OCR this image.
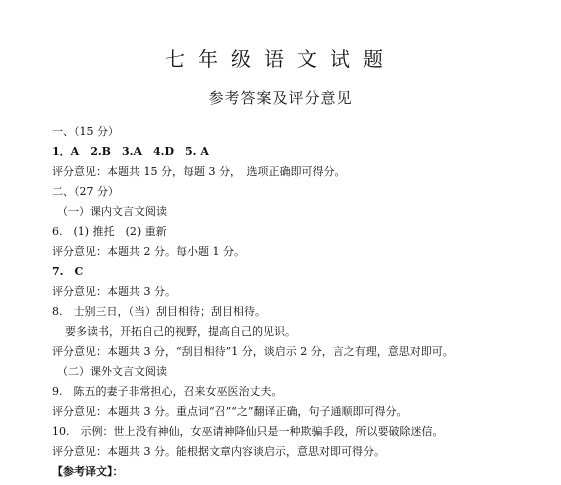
七年级语文试题
参考答案及评分意见
一、（15 分）
1．A　2.B　3.A　4.D　5. A
评分意见：本题共 15 分，每题 3 分，　选项正确即可得分。
二、（27 分）
（一）课内文言文阅读
6.　(1) 推托　(2) 重新
评分意见：本题共 2 分。每小题 1 分。
7.　C
评分意见：本题共 3 分。
8.　士别三日，（当）刮目相待；刮目相待。
要多读书，开拓自己的视野，提高自己的见识。
评分意见：本题共 3 分，“刮目相待”1 分，谈启示 2 分，言之有理，意思对即可。
（二）课外文言文阅读
9.　陈五的妻子非常担心，召来女巫医治丈夫。
评分意见：本题共 3 分。重点词“召”“之”翻译正确，句子通顺即可得分。
10.　示例：世上没有神仙，女巫请神降仙只是一种欺骗手段，所以要破除迷信。
评分意见：本题共 3 分。能根据文章内容谈启示，意思对即可得分。
【参考译文】：
